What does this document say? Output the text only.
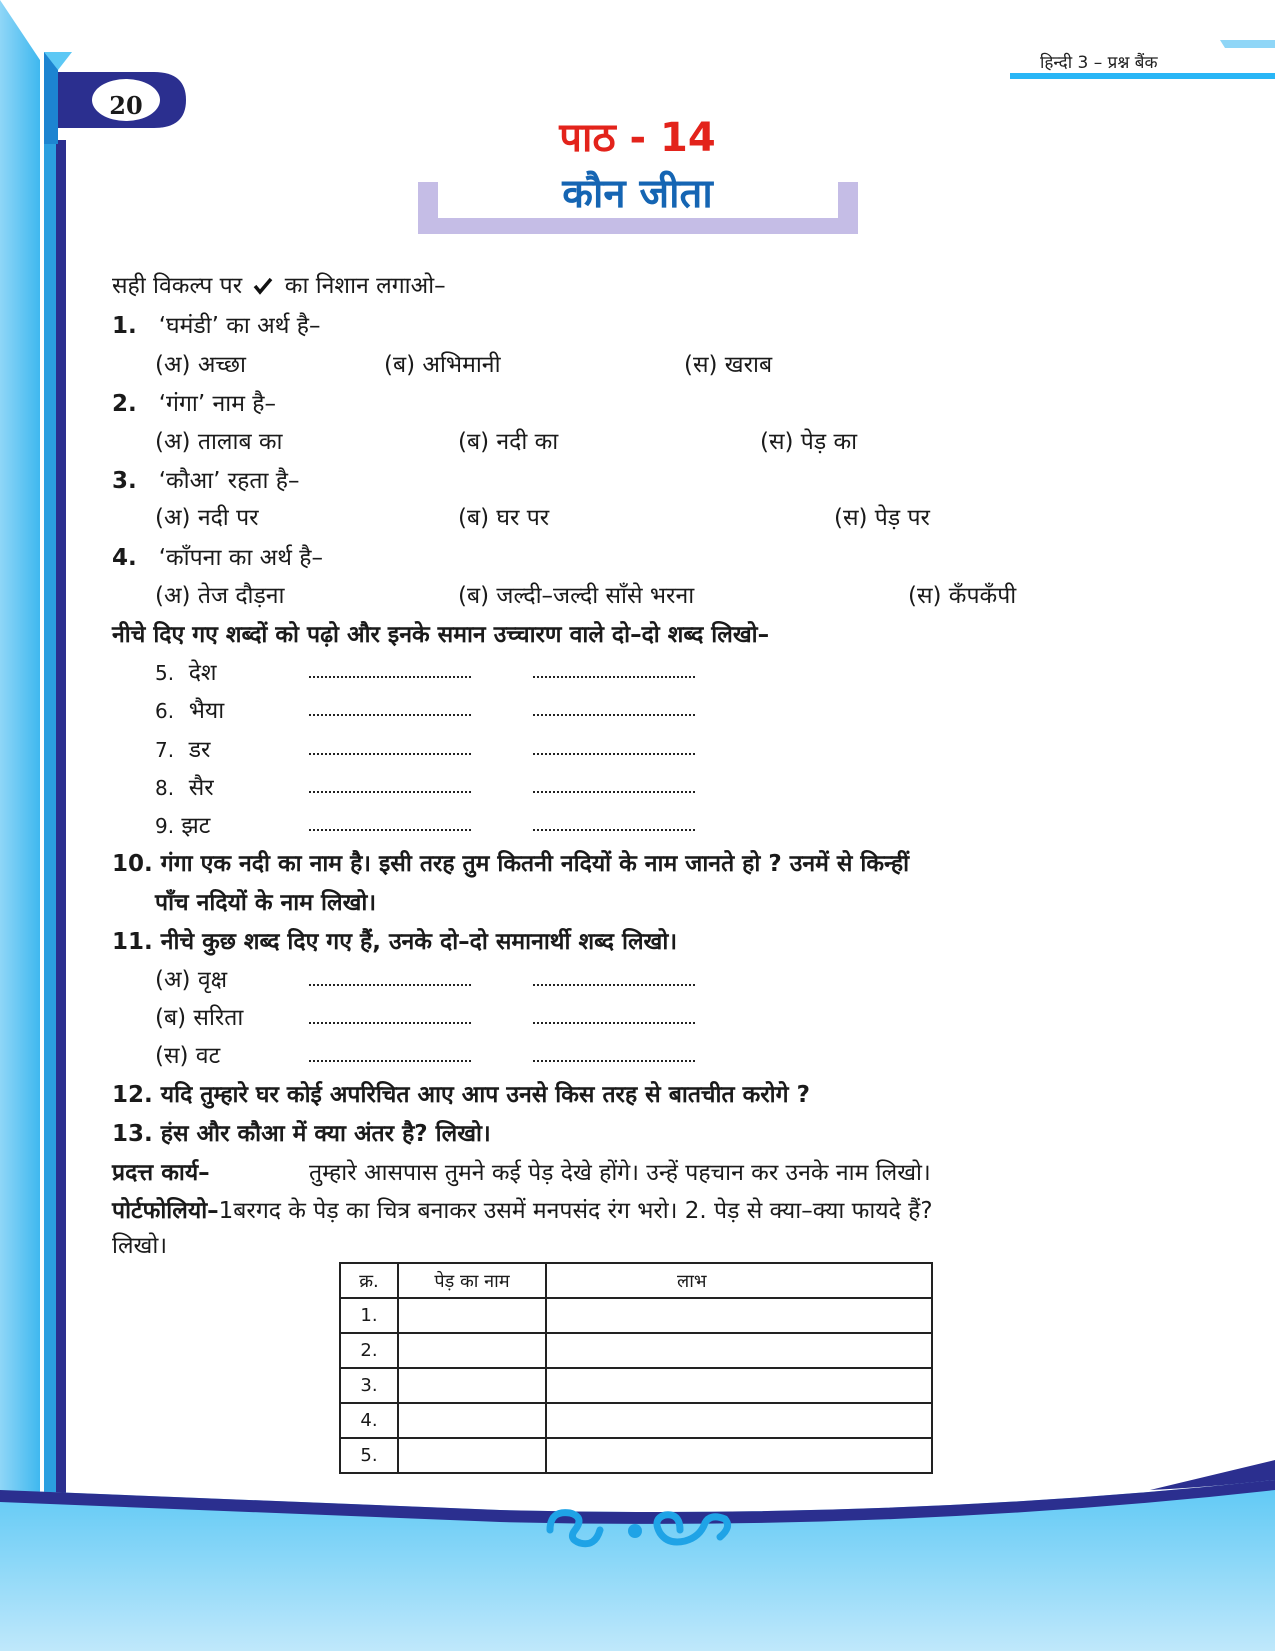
20
हिन्दी 3 – प्रश्न बैंक
पाठ - 14
कौन जीता
सही विकल्प पर का निशान लगाओ–
1. ‘घमंडी’ का अर्थ है–
(अ) अच्छा	(ब) अभिमानी	(स) खराब
2. ‘गंगा’ नाम है–
(अ) तालाब का	(ब) नदी का	(स) पेड़ का
3. ‘कौआ’ रहता है–
(अ) नदी पर	(ब) घर पर	(स) पेड़ पर
4. ‘काँपना का अर्थ है–
(अ) तेज दौड़ना	(ब) जल्दी–जल्दी साँसे भरना	(स) कँपकँपी
नीचे दिए गए शब्दों को पढ़ो और इनके समान उच्चारण वाले दो–दो शब्द लिखो–
5. देश
6. भैया
7. डर
8. सैर
9. झट
10. गंगा एक नदी का नाम है। इसी तरह तुम कितनी नदियों के नाम जानते हो ? उनमें से किन्हीं
पाँच नदियों के नाम लिखो।
11. नीचे कुछ शब्द दिए गए हैं, उनके दो–दो समानार्थी शब्द लिखो।
(अ) वृक्ष
(ब) सरिता
(स) वट
12. यदि तुम्हारे घर कोई अपरिचित आए आप उनसे किस तरह से बातचीत करोगे ?
13. हंस और कौआ में क्या अंतर है? लिखो।
प्रदत्त कार्य–	तुम्हारे आसपास तुमने कई पेड़ देखे होंगे। उन्हें पहचान कर उनके नाम लिखो।
पोर्टफोलियो–1बरगद के पेड़ का चित्र बनाकर उसमें मनपसंद रंग भरो। 2. पेड़ से क्या–क्या फायदे हैं?
लिखो।
क्र.	पेड़ का नाम	लाभ
1.		
2.		
3.		
4.		
5.		
